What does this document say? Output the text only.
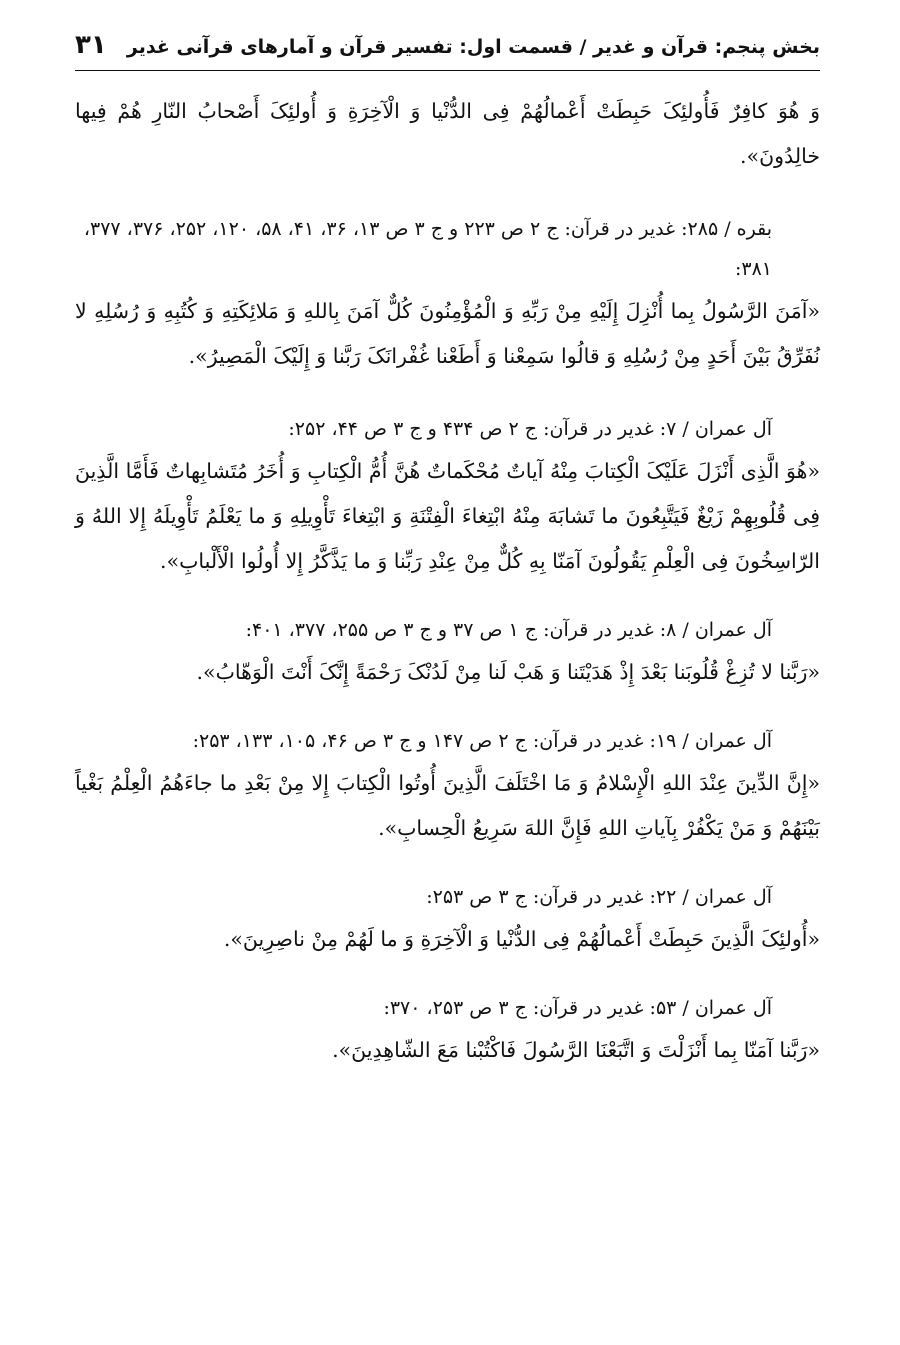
بخش پنجم: قرآن و غدیر / قسمت اول: تفسیر قرآن و آمارهای قرآنی غدیر
۳۱

وَ هُوَ کافِرٌ فَأُولئِکَ حَبِطَتْ أَعْمالُهُمْ فِی الدُّنْیا وَ الْآخِرَةِ وَ أُولئِکَ أَصْحابُ النّارِ هُمْ فِیها خالِدُونَ».

بقره / ۲۸۵: غدیر در قرآن: ج ۲ ص ۲۲۳ و ج ۳ ص ۱۳، ۳۶، ۴۱، ۵۸، ۱۲۰، ۲۵۲، ۳۷۶، ۳۷۷، ۳۸۱:

«آمَنَ الرَّسُولُ بِما أُنْزِلَ إِلَیْهِ مِنْ رَبِّهِ وَ الْمُؤْمِنُونَ کُلٌّ آمَنَ بِاللهِ وَ مَلائِکَتِهِ وَ کُتُبِهِ وَ رُسُلِهِ لا نُفَرِّقُ بَیْنَ أَحَدٍ مِنْ رُسُلِهِ وَ قالُوا سَمِعْنا وَ أَطَعْنا غُفْرانَکَ رَبَّنا وَ إِلَیْکَ الْمَصِیرُ».

آل عمران / ۷: غدیر در قرآن: ج ۲ ص ۴۳۴ و ج ۳ ص ۴۴، ۲۵۲:

«هُوَ الَّذِی أَنْزَلَ عَلَیْکَ الْکِتابَ مِنْهُ آیاتٌ مُحْکَماتٌ هُنَّ أُمُّ الْکِتابِ وَ أُخَرُ مُتَشابِهاتٌ فَأَمَّا الَّذِینَ فِی قُلُوبِهِمْ زَیْغٌ فَیَتَّبِعُونَ ما تَشابَهَ مِنْهُ ابْتِغاءَ الْفِتْنَةِ وَ ابْتِغاءَ تَأْوِیلِهِ وَ ما یَعْلَمُ تَأْوِیلَهُ إِلا اللهُ وَ الرّاسِخُونَ فِی الْعِلْمِ یَقُولُونَ آمَنّا بِهِ کُلٌّ مِنْ عِنْدِ رَبِّنا وَ ما یَذَّکَّرُ إِلا أُولُوا الْأَلْبابِ».

آل عمران / ۸: غدیر در قرآن: ج ۱ ص ۳۷ و ج ۳ ص ۲۵۵، ۳۷۷، ۴۰۱:

«رَبَّنا لا تُزِغْ قُلُوبَنا بَعْدَ إِذْ هَدَیْتَنا وَ هَبْ لَنا مِنْ لَدُنْکَ رَحْمَةً إِنَّکَ أَنْتَ الْوَهّابُ».

آل عمران / ۱۹: غدیر در قرآن: ج ۲ ص ۱۴۷ و ج ۳ ص ۴۶، ۱۰۵، ۱۳۳، ۲۵۳:

«إِنَّ الدِّینَ عِنْدَ اللهِ الْإِسْلامُ وَ مَا اخْتَلَفَ الَّذِینَ أُوتُوا الْکِتابَ إِلا مِنْ بَعْدِ ما جاءَهُمُ الْعِلْمُ بَغْیاً بَیْنَهُمْ وَ مَنْ یَکْفُرْ بِآیاتِ اللهِ فَإِنَّ اللهَ سَرِیعُ الْحِسابِ».

آل عمران / ۲۲: غدیر در قرآن: ج ۳ ص ۲۵۳:

«أُولئِکَ الَّذِینَ حَبِطَتْ أَعْمالُهُمْ فِی الدُّنْیا وَ الْآخِرَةِ وَ ما لَهُمْ مِنْ ناصِرِینَ».

آل عمران / ۵۳: غدیر در قرآن: ج ۳ ص ۲۵۳، ۳۷۰:

«رَبَّنا آمَنّا بِما أَنْزَلْتَ وَ اتَّبَعْنَا الرَّسُولَ فَاکْتُبْنا مَعَ الشّاهِدِینَ».
